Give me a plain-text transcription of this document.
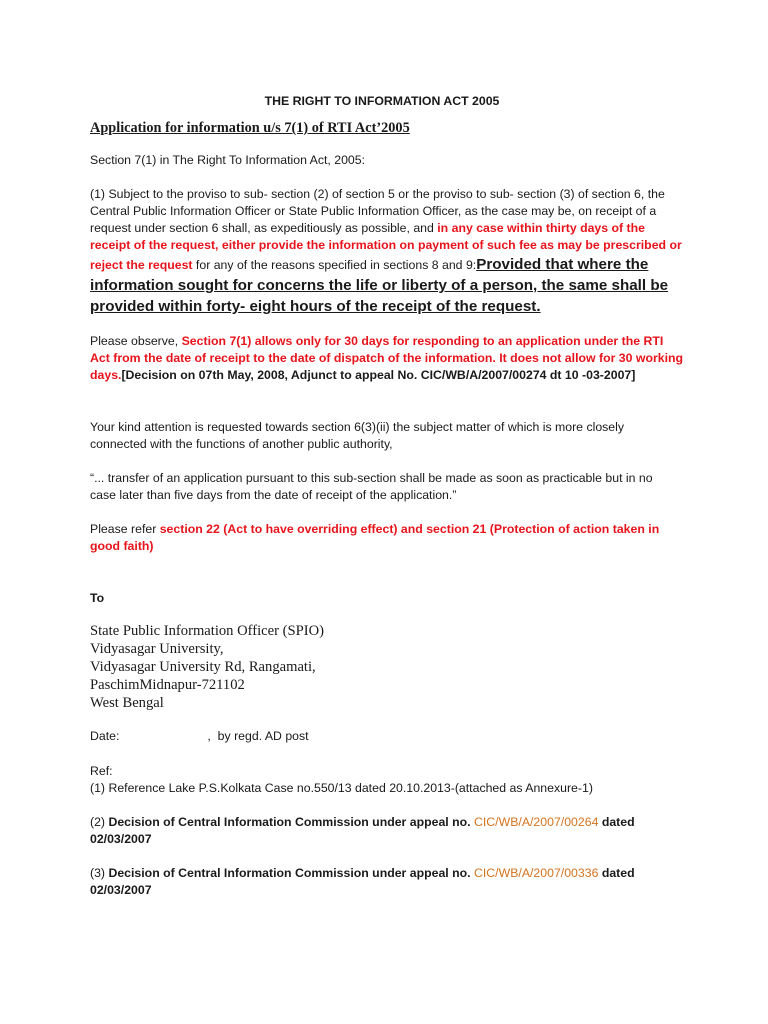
THE RIGHT TO INFORMATION ACT 2005

Application for information u/s 7(1) of RTI Act’2005

Section 7(1) in The Right To Information Act, 2005:

(1) Subject to the proviso to sub- section (2) of section 5 or the proviso to sub- section (3) of section 6, the Central Public Information Officer or State Public Information Officer, as the case may be, on receipt of a request under section 6 shall, as expeditiously as possible, and in any case within thirty days of the receipt of the request, either provide the information on payment of such fee as may be prescribed or reject the request for any of the reasons specified in sections 8 and 9:Provided that where the information sought for concerns the life or liberty of a person, the same shall be provided within forty- eight hours of the receipt of the request.

Please observe, Section 7(1) allows only for 30 days for responding to an application under the RTI Act from the date of receipt to the date of dispatch of the information. It does not allow for 30 working days.[Decision on 07th May, 2008, Adjunct to appeal No. CIC/WB/A/2007/00274 dt 10 -03-2007]

Your kind attention is requested towards section 6(3)(ii) the subject matter of which is more closely connected with the functions of another public authority,

“... transfer of an application pursuant to this sub-section shall be made as soon as practicable but in no case later than five days from the date of receipt of the application.”

Please refer section 22 (Act to have overriding effect) and section 21 (Protection of action taken in good faith)

To

State Public Information Officer (SPIO)
Vidyasagar University,
Vidyasagar University Rd, Rangamati,
PaschimMidnapur-721102
West Bengal

Date:	, by regd. AD post

Ref:

(1) Reference Lake P.S.Kolkata Case no.550/13 dated 20.10.2013-(attached as Annexure-1)

(2) Decision of Central Information Commission under appeal no. CIC/WB/A/2007/00264 dated 02/03/2007

(3) Decision of Central Information Commission under appeal no. CIC/WB/A/2007/00336 dated 02/03/2007
